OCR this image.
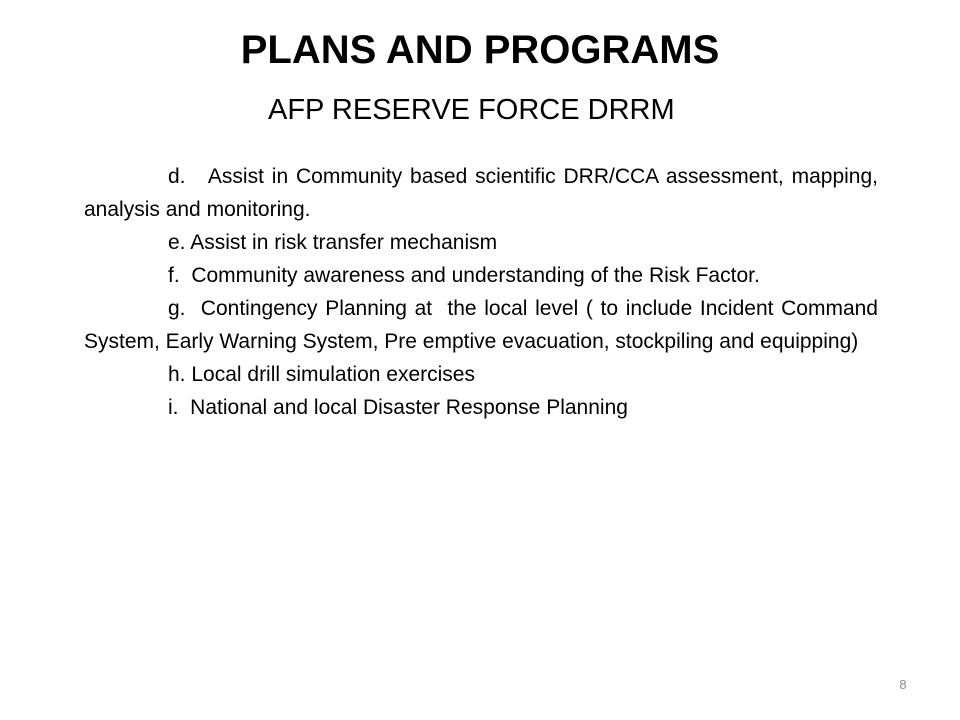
PLANS AND PROGRAMS
AFP RESERVE FORCE DRRM

d.   Assist in Community based scientific DRR/CCA assessment, mapping, analysis and monitoring.

e. Assist in risk transfer mechanism

f.  Community awareness and understanding of the Risk Factor.

g.  Contingency Planning at  the local level ( to include Incident Command System, Early Warning System, Pre emptive evacuation, stockpiling and equipping)

h. Local drill simulation exercises

i.  National and local Disaster Response Planning

8
